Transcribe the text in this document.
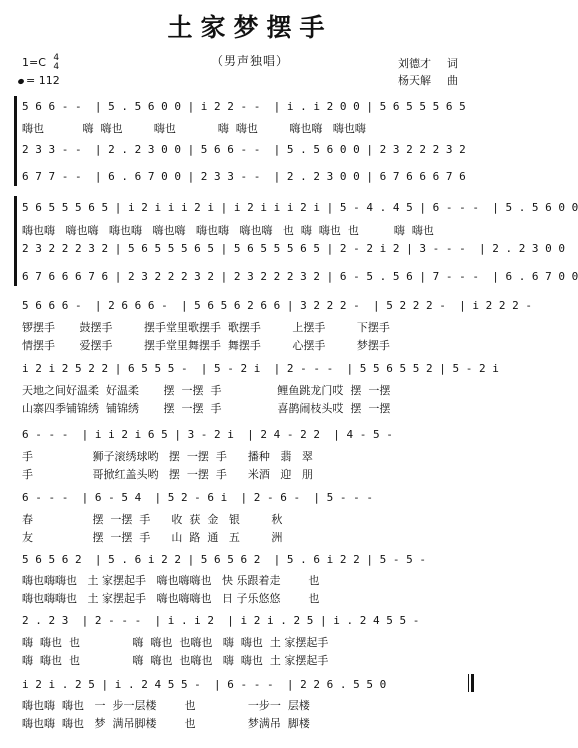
土家梦摆手
1=C 4
4
= 112
（男声独唱）	刘德才 词
杨天解 曲
5 6 6 - -  | 5 . 5 6 0 0 | i 2 2 - -  | i . i 2 0 0 | 5 6 5 5 5 6 5
嗨也           嗨  嗨也         嗨也            嗨  嗨也         嗨也嗨   嗨也嗨
2 3 3 - -  | 2 . 2 3 0 0 | 5 6 6 - -  | 5 . 5 6 0 0 | 2 3 2 2 2 3 2
6 7 7 - -  | 6 . 6 7 0 0 | 2 3 3 - -  | 2 . 2 3 0 0 | 6 7 6 6 6 7 6
5 6 5 5 5 6 5 | i 2 i i i 2 i | i 2 i i i 2 i | 5 - 4 . 4 5 | 6 - - -  | 5 . 5 6 0 0
嗨也嗨   嗨也嗨   嗨也嗨   嗨也嗨   嗨也嗨   嗨也嗨   也  嗨  嗨也  也          嗨  嗨也
2 3 2 2 2 3 2 | 5 6 5 5 5 6 5 | 5 6 5 5 5 6 5 | 2 - 2 i 2 | 3 - - -  | 2 . 2 3 0 0
6 7 6 6 6 7 6 | 2 3 2 2 2 3 2 | 2 3 2 2 2 3 2 | 6 - 5 . 5 6 | 7 - - -  | 6 . 6 7 0 0
5 6 6 6 -  | 2 6 6 6 -  | 5 6 5 6 2 6 6 | 3 2 2 2 -  | 5 2 2 2 -  | i 2 2 2 -
锣摆手       鼓摆手         摆手堂里歌摆手  歌摆手         上摆手         下摆手
情摆手       爱摆手         摆手堂里舞摆手  舞摆手         心摆手         梦摆手
i 2 i 2 5 2 2 | 6 5 5 5 -  | 5 - 2 i  | 2 - - -  | 5 5 6 5 5 2 | 5 - 2 i
天地之间好温柔  好温柔       摆  一摆  手                鲤鱼跳龙门哎  摆  一摆
山寨四季铺锦绣  铺锦绣       摆  一摆  手                喜鹊闹枝头哎  摆  一摆
6 - - -  | i i 2 i 6 5 | 3 - 2 i  | 2 4 - 2 2  | 4 - 5 -
手                 狮子滚绣球哟   摆  一摆  手      播种   翡   翠
手                 哥掀红盖头哟   摆  一摆  手      米酒   迎   朋
6 - - -  | 6 - 5 4  | 5 2 - 6 i  | 2 - 6 -  | 5 - - -
春                 摆  一摆  手      收  获  金   银         秋
友                 摆  一摆  手      山  路  通   五         洲
5 6 5 6 2  | 5 . 6 i 2 2 | 5 6 5 6 2  | 5 . 6 i 2 2 | 5 - 5 -
嗨也嗨嗨也   土 家摆起手   嗨也嗨嗨也   快 乐跟着走        也
嗨也嗨嗨也   土 家摆起手   嗨也嗨嗨也   日 子乐悠悠        也
2 . 2 3  | 2 - - -  | i . i 2  | i 2 i . 2 5 | i . 2 4 5 5 -
嗨  嗨也  也               嗨  嗨也  也嗨也   嗨  嗨也  土 家摆起手
嗨  嗨也  也               嗨  嗨也  也嗨也   嗨  嗨也  土 家摆起手
i 2 i . 2 5 | i . 2 4 5 5 -  | 6 - - -  | 2 2 6 . 5 5 0
嗨也嗨  嗨也   一  步一层楼        也               一步一  层楼
嗨也嗨  嗨也   梦  满吊脚楼        也               梦满吊  脚楼
